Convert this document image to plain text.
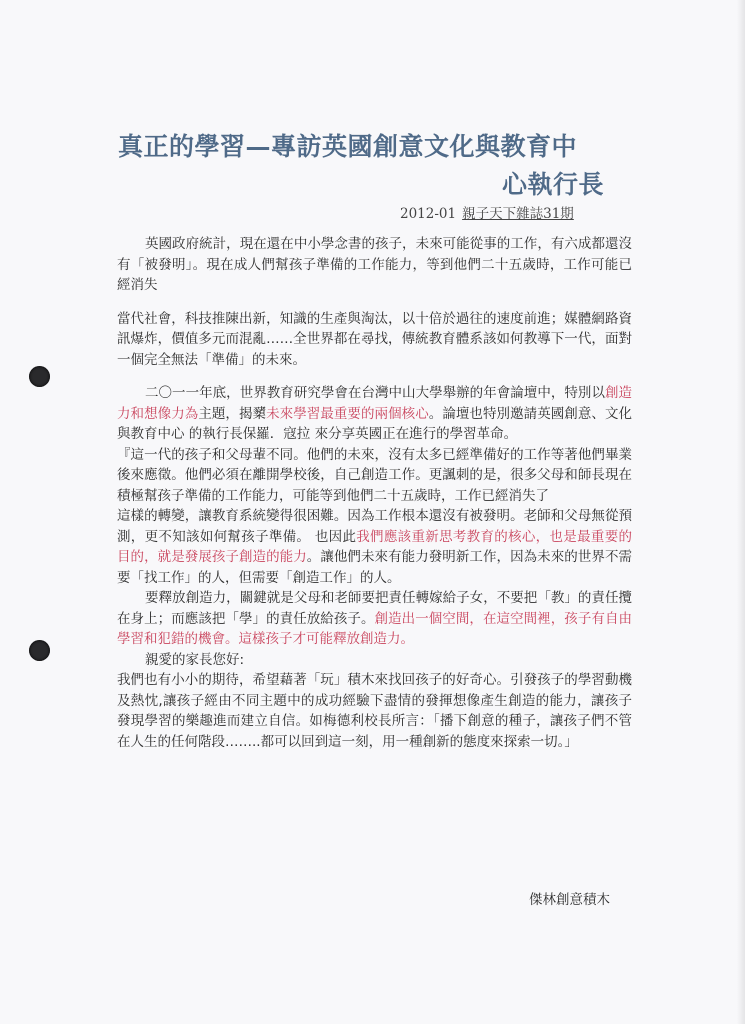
真正的學習—專訪英國創意文化與教育中
心執行長
2012-01 親子天下雜誌31期

英國政府統計，現在還在中小學念書的孩子，未來可能從事的工作，有六成都還沒有「被發明」。現在成人們幫孩子準備的工作能力，等到他們二十五歲時，工作可能已經消失

當代社會，科技推陳出新，知識的生產與淘汰，以十倍於過往的速度前進；媒體網路資訊爆炸，價值多元而混亂……全世界都在尋找，傳統教育體系該如何教導下一代，面對一個完全無法「準備」的未來。

二〇一一年底，世界教育研究學會在台灣中山大學舉辦的年會論壇中，特別以創造力和想像力為主題，揭櫫未來學習最重要的兩個核心。論壇也特別邀請英國創意、文化與教育中心 的執行長保羅．寇拉 來分享英國正在進行的學習革命。

『這一代的孩子和父母輩不同。他們的未來，沒有太多已經準備好的工作等著他們畢業後來應徵。他們必須在離開學校後，自己創造工作。更諷刺的是，很多父母和師長現在積極幫孩子準備的工作能力，可能等到他們二十五歲時，工作已經消失了

這樣的轉變，讓教育系統變得很困難。因為工作根本還沒有被發明。老師和父母無從預測，更不知該如何幫孩子準備。 也因此我們應該重新思考教育的核心，也是最重要的目的，就是發展孩子創造的能力。讓他們未來有能力發明新工作，因為未來的世界不需要「找工作」的人，但需要「創造工作」的人。

要釋放創造力，關鍵就是父母和老師要把責任轉嫁給子女，不要把「教」的責任攬在身上；而應該把「學」的責任放給孩子。創造出一個空間，在這空間裡，孩子有自由學習和犯錯的機會。這樣孩子才可能釋放創造力。

親愛的家長您好:

我們也有小小的期待，希望藉著「玩」積木來找回孩子的好奇心。引發孩子的學習動機及熱忱,讓孩子經由不同主題中的成功經驗下盡情的發揮想像產生創造的能力，讓孩子發現學習的樂趣進而建立自信。如梅德利校長所言：「播下創意的種子，讓孩子們不管在人生的任何階段……..都可以回到這一刻，用一種創新的態度來探索一切。」

傑林創意積木
